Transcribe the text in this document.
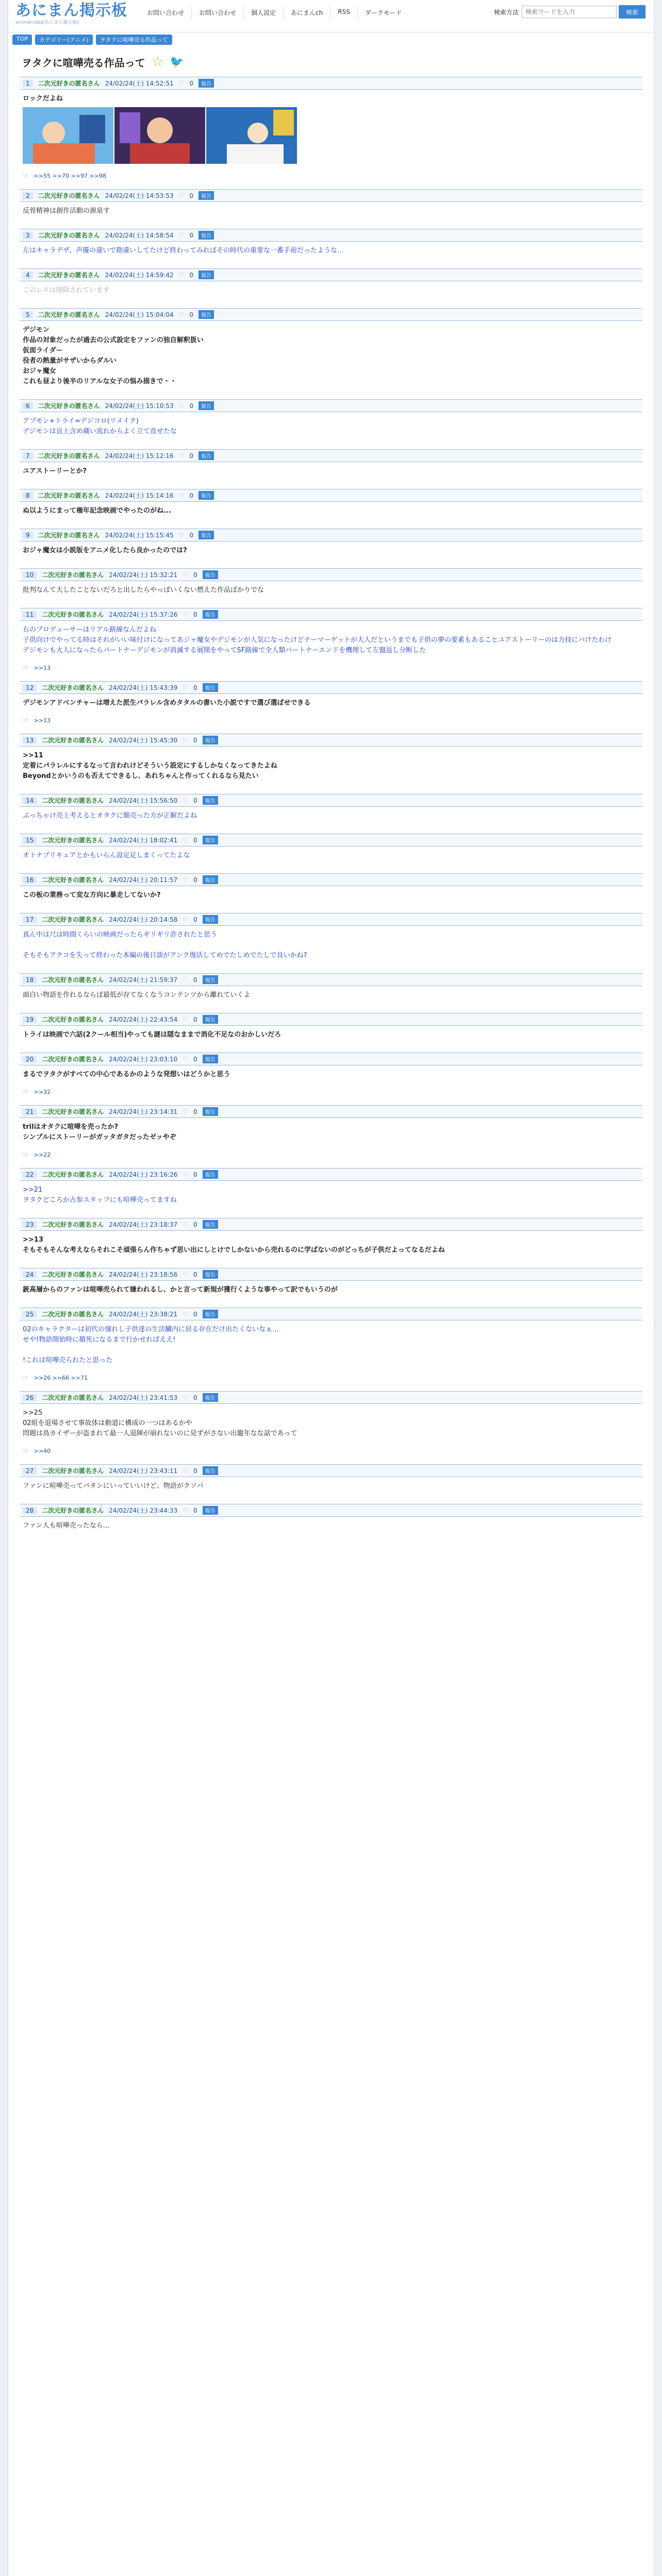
あにまん掲示板
animan bbs[あにまん掲示板]
お問い合わせ	お問い合わせ	個人設定	あにまんch	RSS	ダークモード	検索方法
検索ワードを入力	検索
TOP	カテゴリー(アニメ)	ヲタクに喧嘩売る作品って
ヲタクに喧嘩売る作品って ☆ 🐦
1	二次元好きの匿名さん 24/02/24(土) 14:52:51 ♡ 0	報告

ロックだよね

☞ >>55 >>70 >>97 >>98
2	二次元好きの匿名さん 24/02/24(土) 14:53:53 ♡ 0	報告

反骨精神は創作活動の源泉す

3	二次元好きの匿名さん 24/02/24(土) 14:58:54 ♡ 0	報告

左はキャラデザ、声優の違いで勘違いしてたけど終わってみればその時代の重要な一番手前だったような...

4	二次元好きの匿名さん 24/02/24(土) 14:59:42 ♡ 0	報告

このレスは削除されています

5	二次元好きの匿名さん 24/02/24(土) 15:04:04 ♡ 0	報告

デジモン

作品の対象だったが過去の公式設定をファンの独自解釈扱い

仮面ライダー

役者の熱量がサザいからダルい

おジャ魔女

これも昼より後半のリアルな女子の悩み描きで・・

6	二次元好きの匿名さん 24/02/24(土) 15:10:53 ♡ 0	報告

アプモン+トライ=デジコロ(リメイク)

デジモンは良上含め蔵い流れからよく立て直せたな

7	二次元好きの匿名さん 24/02/24(土) 15:12:16 ♡ 0	報告

ユアストーリーとか?

8	二次元好きの匿名さん 24/02/24(土) 15:14:16 ♡ 0	報告

ぬ以ようにまって権年記念映画でやったのがね...

9	二次元好きの匿名さん 24/02/24(土) 15:15:45 ♡ 0	報告

おジャ魔女は小説版をアニメ化したら良かったのでは?

10	二次元好きの匿名さん 24/02/24(土) 15:32:21 ♡ 0	報告

批判なんて大したことないだろと出したらやっぱいくない燃えた作品ばかりでな

11	二次元好きの匿名さん 24/02/24(土) 15:37:26 ♡ 0	報告

右のプロデューサーはリアル路線なんだよね

子供向けでやってる時はそれがいい味付けになってあジャ魔女やデジモンが人気になったけどテーマーゲットが大人だというまでも子供の夢の要素もあることユアストーリーのは力技にパけたわけ

デジモンも大人になったらパートナーデジモンが消滅する展開をやってSF路線で全人類パートナーエンドを機理して左盤返し分断した

☞ >>13
12	二次元好きの匿名さん 24/02/24(土) 15:43:39 ♡ 0	報告

デジモンアドベンチャーは増えた派生パラレル含めタタルの書いた小説ですで選び選ばせできる

☞ >>13
13	二次元好きの匿名さん 24/02/24(土) 15:45:30 ♡ 0	報告

>>11

定着にパラレルにするなって言われけどそういう設定にするしかなくなってきたよね

Beyondとかいうのも否えてできるし、あれちゃんと作ってくれるなら見たい

14	二次元好きの匿名さん 24/02/24(土) 15:56:50 ♡ 0	報告

ぶっちゃけ売上考えるとオタクに媚売った方が正解だよね

15	二次元好きの匿名さん 24/02/24(土) 18:02:41 ♡ 0	報告

オトナプリキュアとかもいらん設定足しまくってたよな

16	二次元好きの匿名さん 24/02/24(土) 20:11:57 ♡ 0	報告

この板の業務って変な方向に暴走してないか?

17	二次元好きの匿名さん 24/02/24(土) 20:14:58 ♡ 0	報告

真ん中は尺は時間くらいの映画だったらギリギリ許されたと思う

そもそもアクコを失って終わった本編の後日談がアンク復活してめでたしめでたしで良いかね?

18	二次元好きの匿名さん 24/02/24(土) 21:59:37 ♡ 0	報告

面白い物語を作れるならば最低が存てなくなうコンテンツから離れていくよ

19	二次元好きの匿名さん 24/02/24(土) 22:43:54 ♡ 0	報告

トライは映画で六話(2クール相当)やっても謎は隠なままで消化不足なのおかしいだろ

20	二次元好きの匿名さん 24/02/24(土) 23:03:10 ♡ 0	報告

まるでヲタクがすべての中心であるかのような発想いはどうかと思う

☞ >>32
21	二次元好きの匿名さん 24/02/24(土) 23:14:31 ♡ 0	報告

trilはオタクに喧嘩を売ったか?

シンプルにストーリーがガッタガタだったゼッやぞ

☞ >>22
22	二次元好きの匿名さん 24/02/24(土) 23:16:26 ♡ 0	報告

>>21

ヲタクどころか古参スタッフにも喧嘩売ってますね

23	二次元好きの匿名さん 24/02/24(土) 23:18:37 ♡ 0	報告

>>13

そもそもそんな考えならそれこそ頑張らん作ちゃず思い出にしとけでしかないから売れるのに学ばないのがどっちが子供だよってなるだよね

24	二次元好きの匿名さん 24/02/24(土) 23:18:56 ♡ 0	報告

銃高層からのファンは喧嘩売られて嫌われるし、かと言って新規が獲行くような事やって訳でもいうのが

25	二次元好きの匿名さん 24/02/24(土) 23:38:21 ♡ 0	報告

02のキャラクターは初代の憧れし子供達の生活臓内に居る存在だけ出たくないなぁ...

せや!物語開始時に撤死になるまで行かせればええ!

!これは喧嘩売られたと思った

☞ >>26 >>66 >>71
26	二次元好きの匿名さん 24/02/24(土) 23:41:53 ♡ 0	報告

>>25

02組を退場させて事故体は動道に構成の一つはあるかや

問題は鳥カイザーが盗まれて最一人退陣が崩れないのに見ずがさない出籠年なな話であって

☞ >>40
27	二次元好きの匿名さん 24/02/24(土) 23:43:11 ♡ 0	報告

ファンに喧嘩売ってバタンにいっていいけど、物語がクソパ

28	二次元好きの匿名さん 24/02/24(土) 23:44:33 ♡ 0	報告

ファン人も喧嘩売ったなら...
